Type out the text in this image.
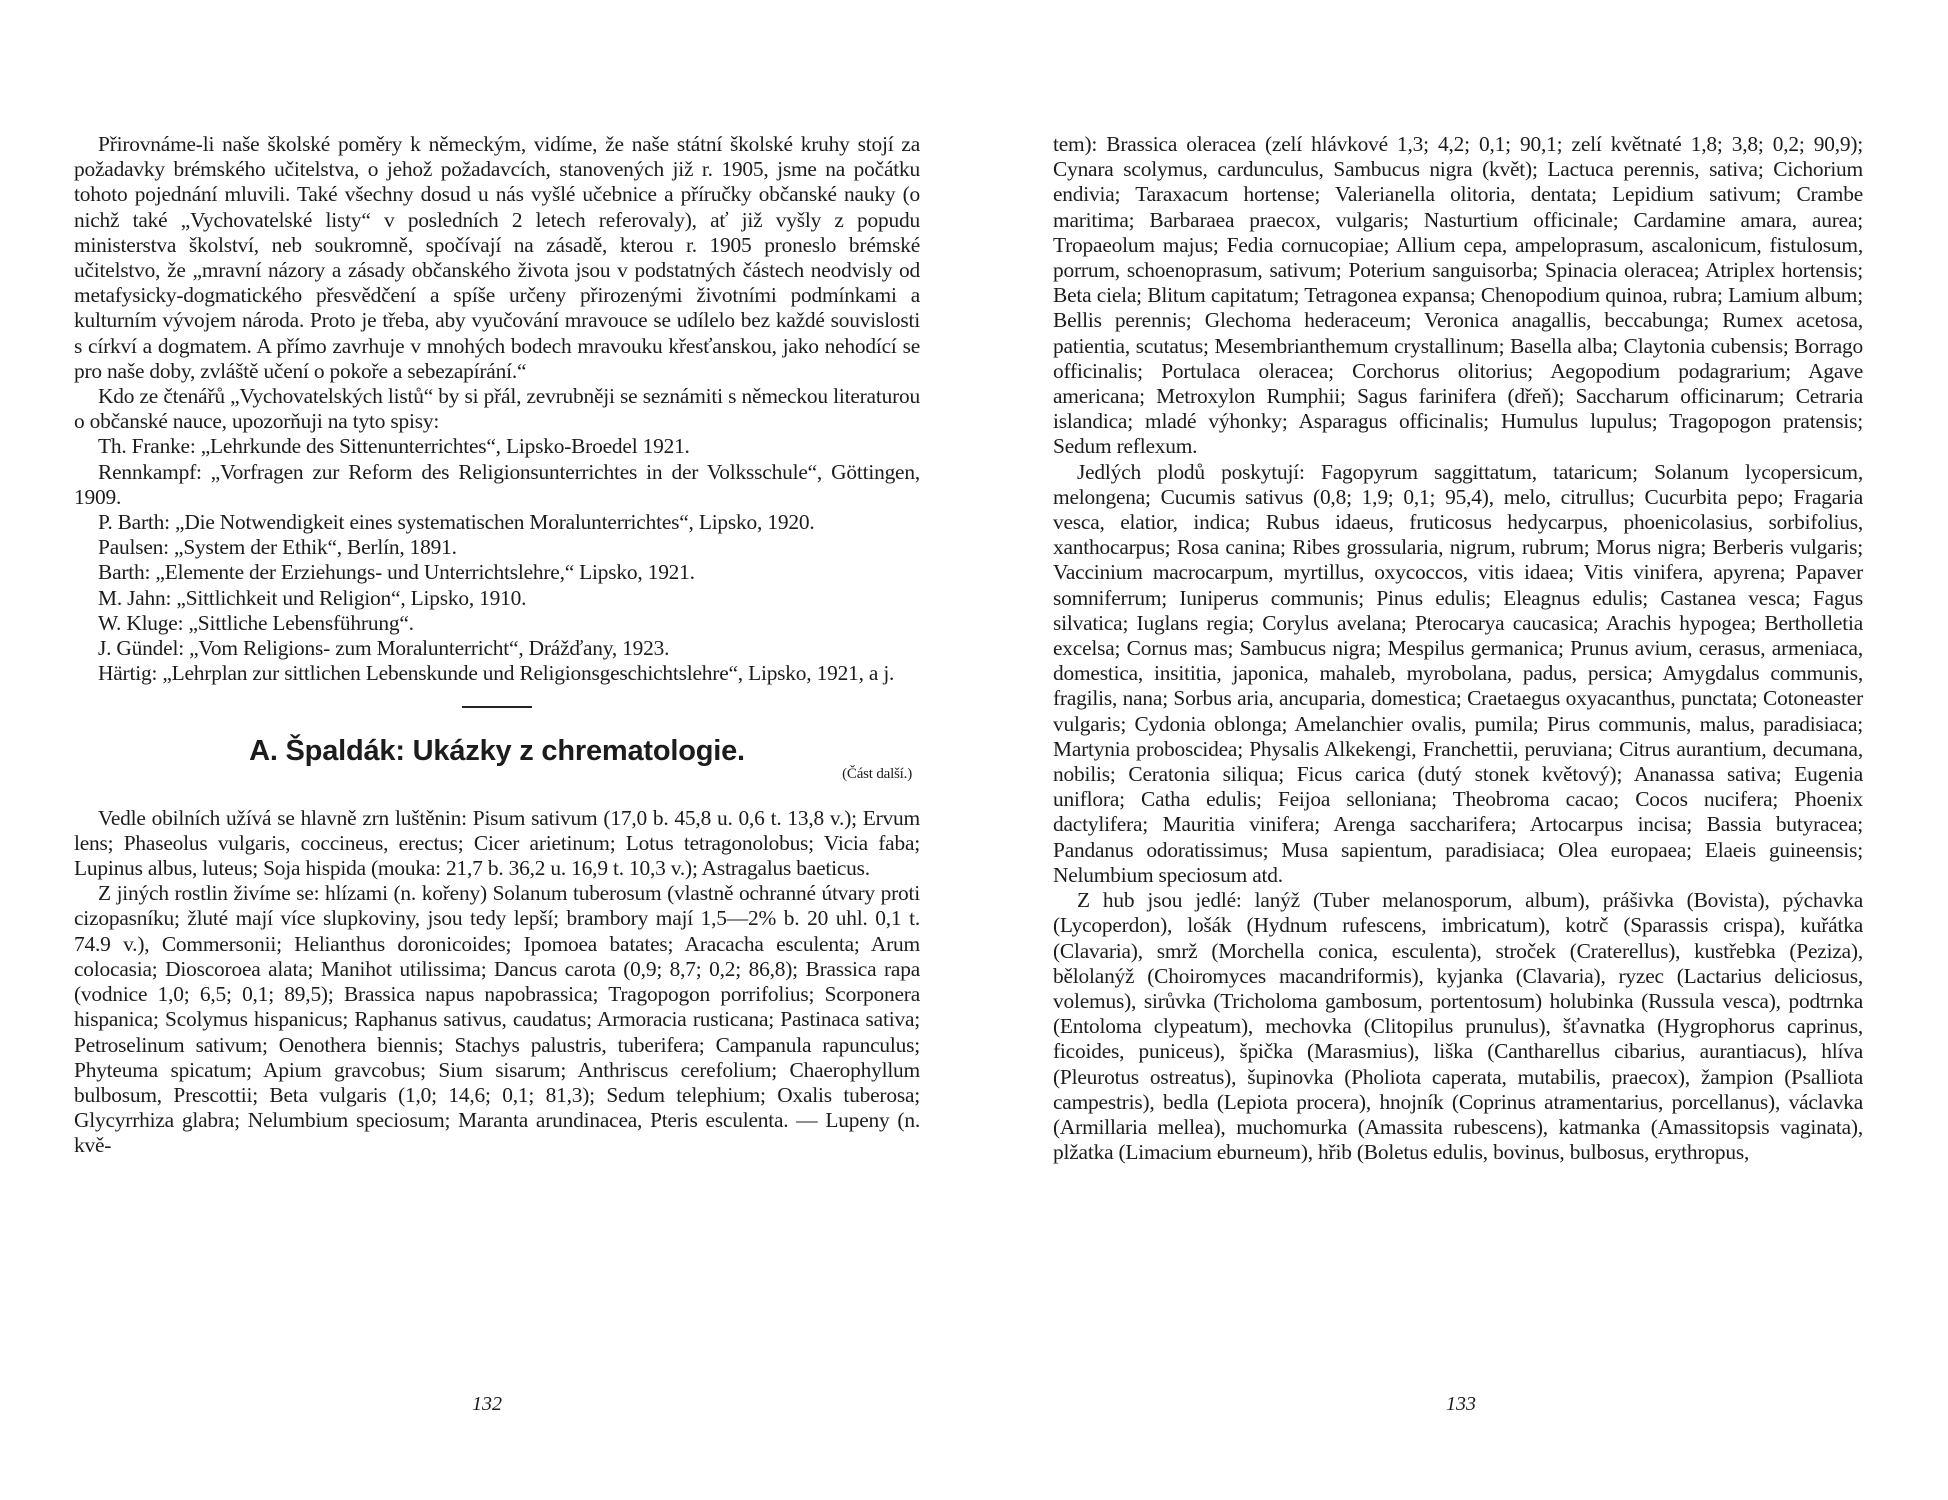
Přirovnáme-li naše školské poměry k německým, vidíme, že naše státní školské kruhy stojí za požadavky brémského učitelstva, o jehož požadavcích, stanovených již r. 1905, jsme na počátku tohoto pojednání mluvili. Také všechny dosud u nás vyšlé učebnice a příručky občanské nauky (o nichž také „Vychovatelské listy“ v posledních 2 letech referovaly), ať již vyšly z popudu ministerstva školství, neb soukromně, spočívají na zásadě, kterou r. 1905 proneslo brémské učitelstvo, že „mravní názory a zásady občanského života jsou v podstatných částech neodvisly od metafysicky-dogmatického přesvědčení a spíše určeny přirozenými životními podmínkami a kulturním vývojem národa. Proto je třeba, aby vyučování mravouce se udílelo bez každé souvislosti s církví a dogmatem. A přímo zavrhuje v mnohých bodech mravouku křesťanskou, jako nehodící se pro naše doby, zvláště učení o pokoře a sebezapírání.“

Kdo ze čtenářů „Vychovatelských listů“ by si přál, zevrubněji se seznámiti s německou literaturou o občanské nauce, upozorňuji na tyto spisy:

Th. Franke: „Lehrkunde des Sittenunterrichtes“, Lipsko-Broedel 1921.

Rennkampf: „Vorfragen zur Reform des Religionsunterrichtes in der Volksschule“, Göttingen, 1909.

P. Barth: „Die Notwendigkeit eines systematischen Moralunterrichtes“, Lipsko, 1920.

Paulsen: „System der Ethik“, Berlín, 1891.

Barth: „Elemente der Erziehungs- und Unterrichtslehre,“ Lipsko, 1921.

M. Jahn: „Sittlichkeit und Religion“, Lipsko, 1910.

W. Kluge: „Sittliche Lebensführung“.

J. Gündel: „Vom Religions- zum Moralunterricht“, Drážďany, 1923.

Härtig: „Lehrplan zur sittlichen Lebenskunde und Religionsgeschichtslehre“, Lipsko, 1921, a j.

A. Špaldák: Ukázky z chrematologie.
(Část další.)

Vedle obilních užívá se hlavně zrn luštěnin: Pisum sativum (17,0 b. 45,8 u. 0,6 t. 13,8 v.); Ervum lens; Phaseolus vulgaris, coccineus, erectus; Cicer arietinum; Lotus tetragonolobus; Vicia faba; Lupinus albus, luteus; Soja hispida (mouka: 21,7 b. 36,2 u. 16,9 t. 10,3 v.); Astragalus baeticus.

Z jiných rostlin živíme se: hlízami (n. kořeny) Solanum tuberosum (vlastně ochranné útvary proti cizopasníku; žluté mají více slupkoviny, jsou tedy lepší; brambory mají 1,5—2% b. 20 uhl. 0,1 t. 74.9 v.), Commersonii; Helianthus doronicoides; Ipomoea batates; Aracacha esculenta; Arum colocasia; Dioscoroea alata; Manihot utilissima; Dancus carota (0,9; 8,7; 0,2; 86,8); Brassica rapa (vodnice 1,0; 6,5; 0,1; 89,5); Brassica napus napobrassica; Tragopogon porrifolius; Scorponera hispanica; Scolymus hispanicus; Raphanus sativus, caudatus; Armoracia rusticana; Pastinaca sativa; Petroselinum sativum; Oenothera biennis; Stachys palustris, tuberifera; Campanula rapunculus; Phyteuma spicatum; Apium gravcobus; Sium sisarum; Anthriscus cerefolium; Chaerophyllum bulbosum, Prescottii; Beta vulgaris (1,0; 14,6; 0,1; 81,3); Sedum telephium; Oxalis tuberosa; Glycyrrhiza glabra; Nelumbium speciosum; Maranta arundinacea, Pteris esculenta. — Lupeny (n. kvě-

132

tem): Brassica oleracea (zelí hlávkové 1,3; 4,2; 0,1; 90,1; zelí květnaté 1,8; 3,8; 0,2; 90,9); Cynara scolymus, cardunculus, Sambucus nigra (květ); Lactuca perennis, sativa; Cichorium endivia; Taraxacum hortense; Valerianella olitoria, dentata; Lepidium sativum; Crambe maritima; Barbaraea praecox, vulgaris; Nasturtium officinale; Cardamine amara, aurea; Tropaeolum majus; Fedia cornucopiae; Allium cepa, ampeloprasum, ascalonicum, fistulosum, porrum, schoenoprasum, sativum; Poterium sanguisorba; Spinacia oleracea; Atriplex hortensis; Beta ciela; Blitum capitatum; Tetragonea expansa; Chenopodium quinoa, rubra; Lamium album; Bellis perennis; Glechoma hederaceum; Veronica anagallis, beccabunga; Rumex acetosa, patientia, scutatus; Mesembrianthemum crystallinum; Basella alba; Claytonia cubensis; Borrago officinalis; Portulaca oleracea; Corchorus olitorius; Aegopodium podagrarium; Agave americana; Metroxylon Rumphii; Sagus farinifera (dřeň); Saccharum officinarum; Cetraria islandica; mladé výhonky; Asparagus officinalis; Humulus lupulus; Tragopogon pratensis; Sedum reflexum.

Jedlých plodů poskytují: Fagopyrum saggittatum, tataricum; Solanum lycopersicum, melongena; Cucumis sativus (0,8; 1,9; 0,1; 95,4), melo, citrullus; Cucurbita pepo; Fragaria vesca, elatior, indica; Rubus idaeus, fruticosus hedycarpus, phoenicolasius, sorbifolius, xanthocarpus; Rosa canina; Ribes grossularia, nigrum, rubrum; Morus nigra; Berberis vulgaris; Vaccinium macrocarpum, myrtillus, oxycoccos, vitis idaea; Vitis vinifera, apyrena; Papaver somniferrum; Iuniperus communis; Pinus edulis; Eleagnus edulis; Castanea vesca; Fagus silvatica; Iuglans regia; Corylus avelana; Pterocarya caucasica; Arachis hypogea; Bertholletia excelsa; Cornus mas; Sambucus nigra; Mespilus germanica; Prunus avium, cerasus, armeniaca, domestica, insititia, japonica, mahaleb, myrobolana, padus, persica; Amygdalus communis, fragilis, nana; Sorbus aria, ancuparia, domestica; Craetaegus oxyacanthus, punctata; Cotoneaster vulgaris; Cydonia oblonga; Amelanchier ovalis, pumila; Pirus communis, malus, paradisiaca; Martynia proboscidea; Physalis Alkekengi, Franchettii, peruviana; Citrus aurantium, decumana, nobilis; Ceratonia siliqua; Ficus carica (dutý stonek květový); Ananassa sativa; Eugenia uniflora; Catha edulis; Feijoa selloniana; Theobroma cacao; Cocos nucifera; Phoenix dactylifera; Mauritia vinifera; Arenga saccharifera; Artocarpus incisa; Bassia butyracea; Pandanus odoratissimus; Musa sapientum, paradisiaca; Olea europaea; Elaeis guineensis; Nelumbium speciosum atd.

Z hub jsou jedlé: lanýž (Tuber melanosporum, album), prášivka (Bovista), pýchavka (Lycoperdon), lošák (Hydnum rufescens, imbricatum), kotrč (Sparassis crispa), kuřátka (Clavaria), smrž (Morchella conica, esculenta), stroček (Craterellus), kustřebka (Peziza), bělolanýž (Choiromyces macandriformis), kyjanka (Clavaria), ryzec (Lactarius deliciosus, volemus), sirůvka (Tricholoma gambosum, portentosum) holubinka (Russula vesca), podtrnka (Entoloma clypeatum), mechovka (Clitopilus prunulus), šťavnatka (Hygrophorus caprinus, ficoides, puniceus), špička (Marasmius), liška (Cantharellus cibarius, aurantiacus), hlíva (Pleurotus ostreatus), šupinovka (Pholiota caperata, mutabilis, praecox), žampion (Psalliota campestris), bedla (Lepiota procera), hnojník (Coprinus atramentarius, porcellanus), václavka (Armillaria mellea), muchomurka (Amassita rubescens), katmanka (Amassitopsis vaginata), plžatka (Limacium eburneum), hřib (Boletus edulis, bovinus, bulbosus, erythropus,

133
